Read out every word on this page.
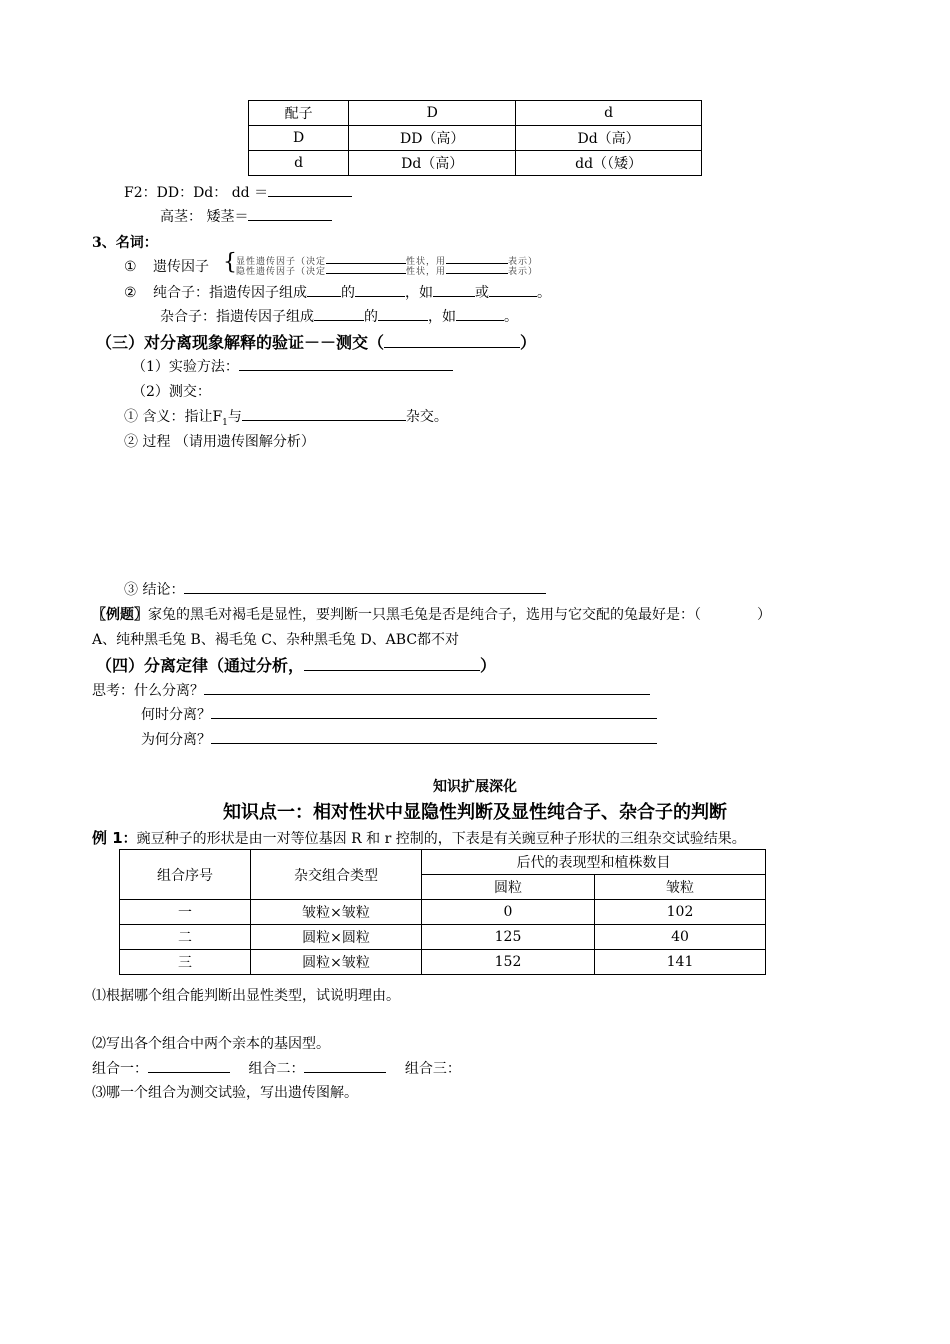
配子	D	d
D	DD（高）	Dd（高）
d	Dd（高）	dd（（矮）
F2：DD：Dd： dd ＝
高茎： 矮茎＝
3、名词：
① 遗传因子 { 显性遗传因子（决定	性状，用	表示）
隐性遗传因子（决定	性状，用	表示）
② 纯合子：指遗传因子组成 的	，如	或	。
杂合子：指遗传因子组成	的	，如	。
（三）对分离现象解释的验证－－测交（	）
（1）实验方法：
（2）测交：
① 含义：指让$F_1$与	杂交。
② 过程 （请用遗传图解分析）
③ 结论：
〖例题〗家兔的黑毛对褐毛是显性，要判断一只黑毛兔是否是纯合子，选用与它交配的兔最好是：（	）
A、纯种黑毛兔 B、褐毛兔 C、杂种黑毛兔 D、ABC都不对
（四）分离定律（通过分析，	）
思考：什么分离？
何时分离？
为何分离？
知识扩展深化
知识点一：相对性状中显隐性判断及显性纯合子、杂合子的判断
例 1：豌豆种子的形状是由一对等位基因 R 和 r 控制的，下表是有关豌豆种子形状的三组杂交试验结果。
组合序号	杂交组合类型	后代的表现型和植株数目	
		圆粒	皱粒
一	皱粒×皱粒	0	102
二	圆粒×圆粒	125	40
三	圆粒×皱粒	152	141
⑴根据哪个组合能判断出显性类型，试说明理由。
⑵写出各个组合中两个亲本的基因型。
组合一：	组合二：	组合三：
⑶哪一个组合为测交试验，写出遗传图解。
